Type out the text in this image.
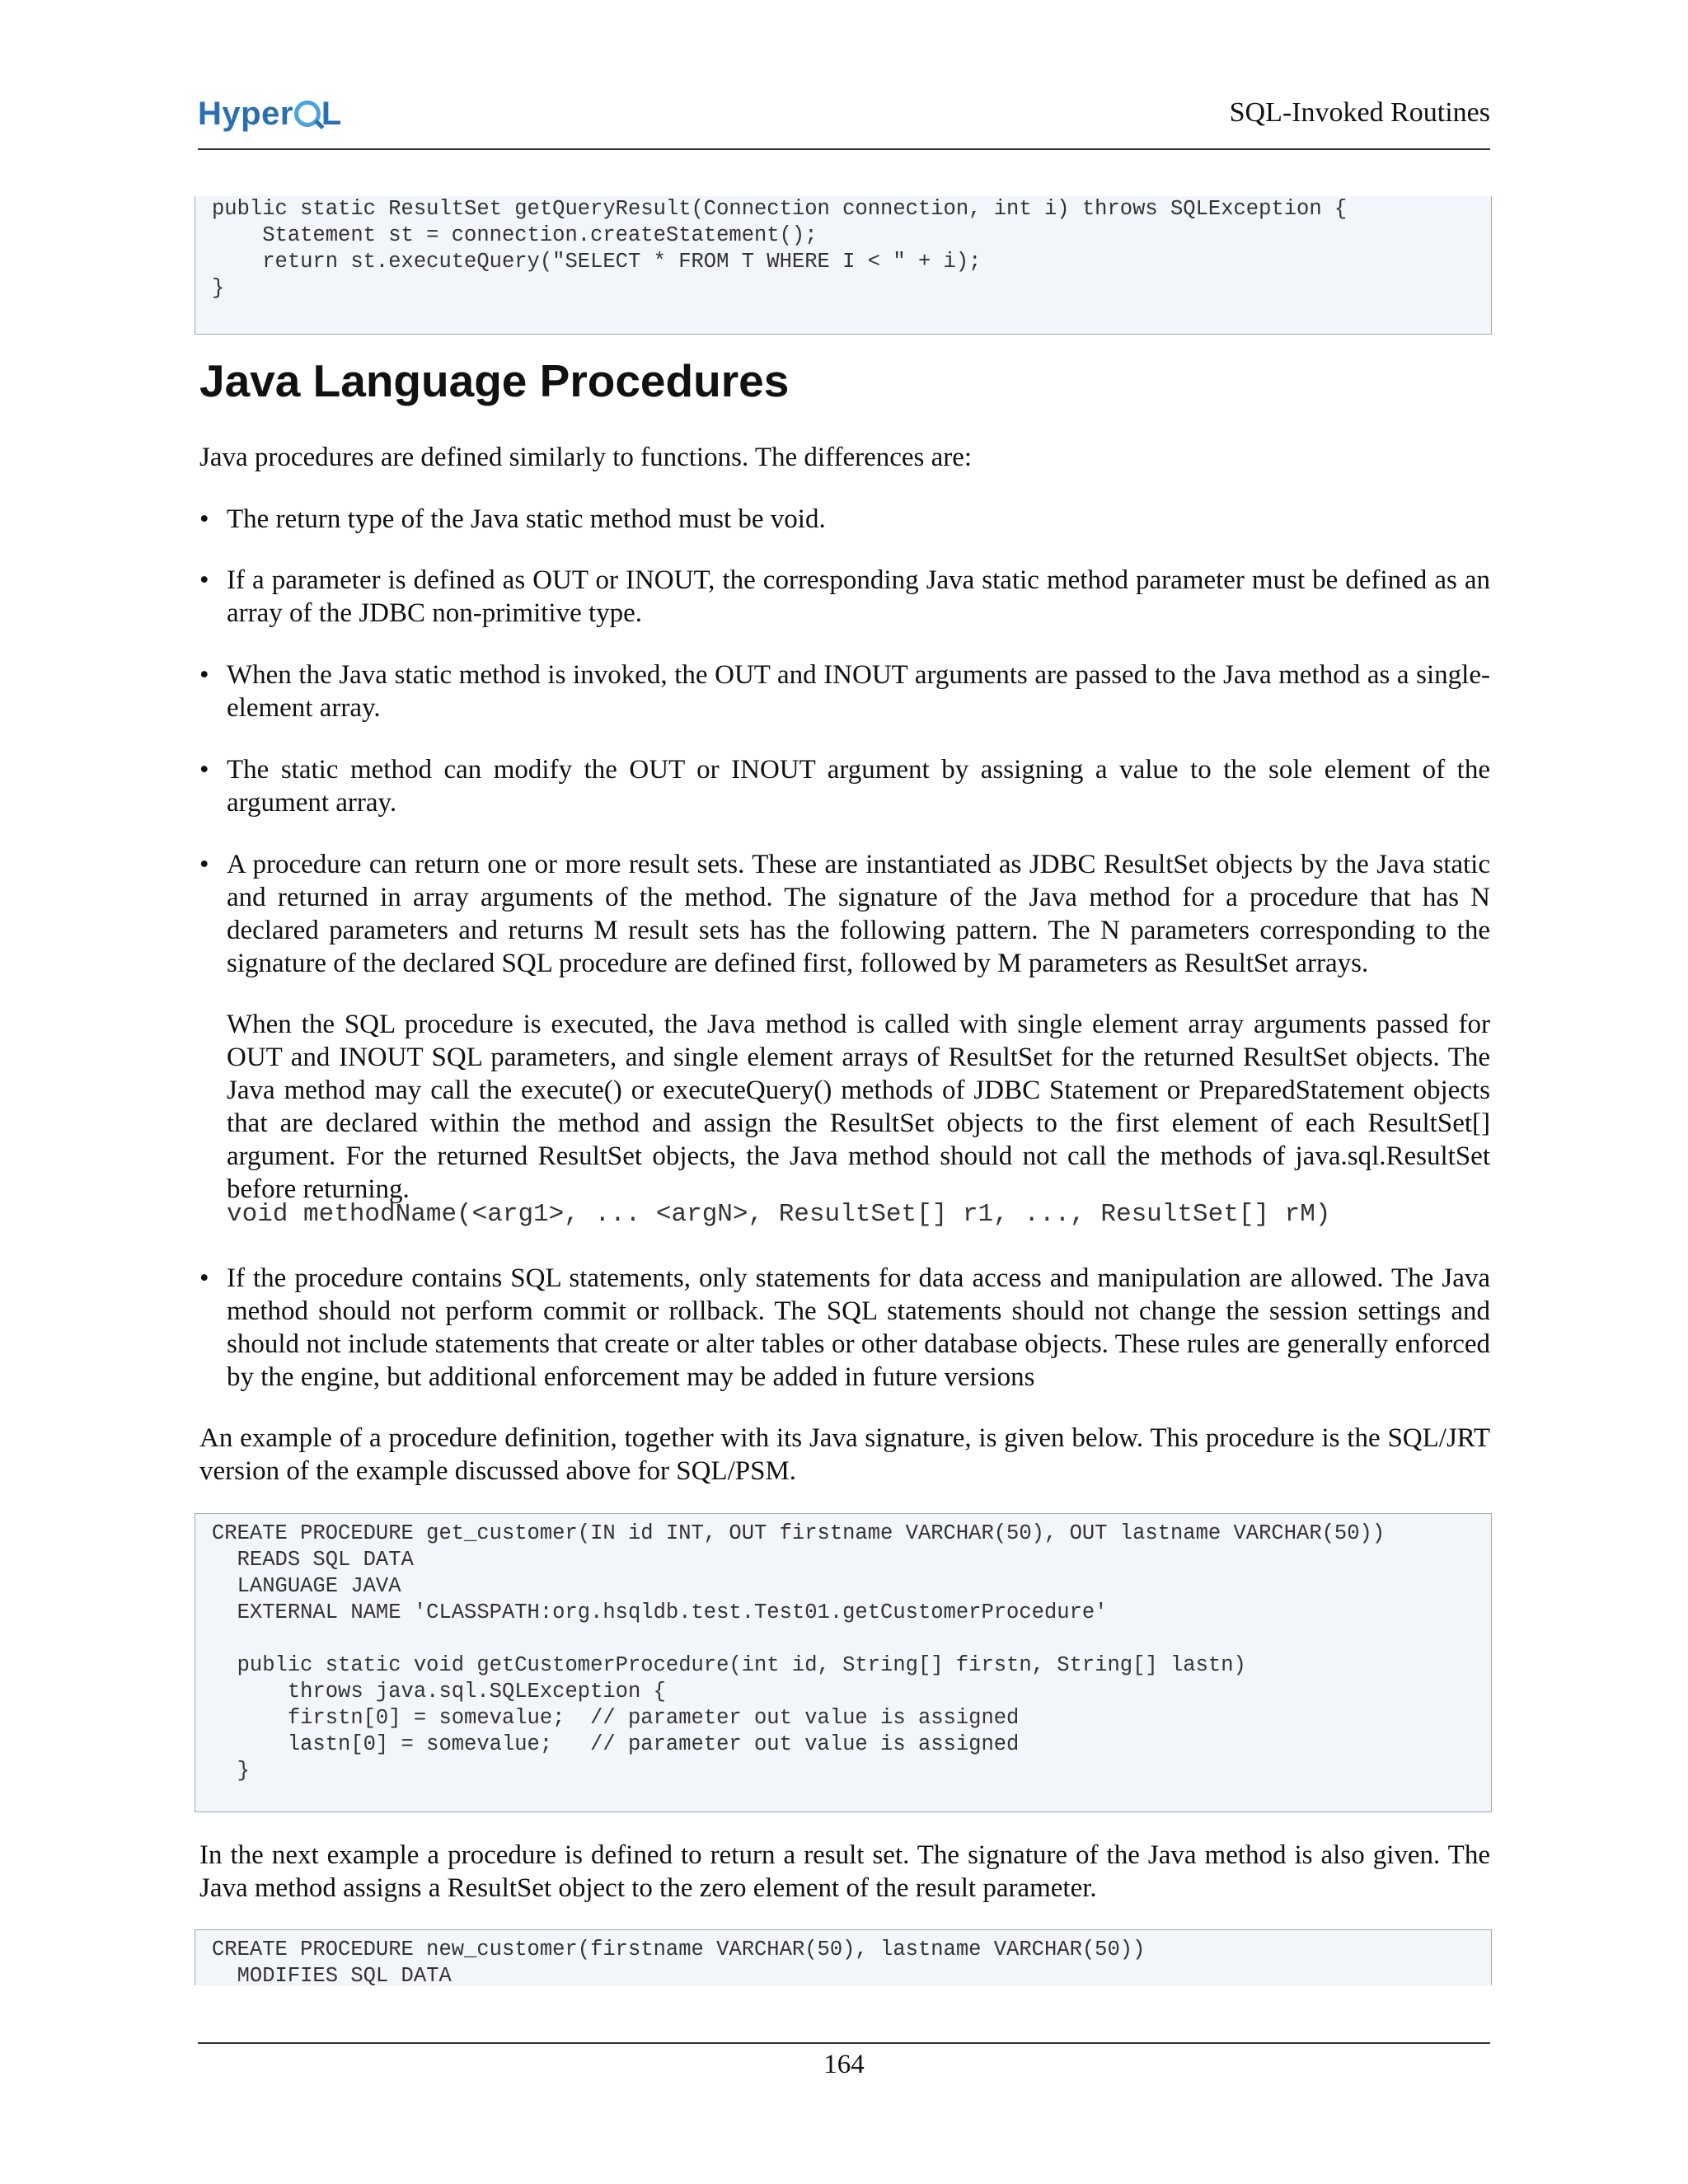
Hyper L	SQL-Invoked Routines
public static ResultSet getQueryResult(Connection connection, int i) throws SQLException {
Statement st = connection.createStatement();
return st.executeQuery("SELECT * FROM T WHERE I < " + i);
}
Java Language Procedures

Java procedures are defined similarly to functions. The differences are:

• The return type of the Java static method must be void.
• If a parameter is defined as OUT or INOUT, the corresponding Java static method parameter must be defined as an array of the JDBC non-primitive type.
• When the Java static method is invoked, the OUT and INOUT arguments are passed to the Java method as a single-element array.
• The static method can modify the OUT or INOUT argument by assigning a value to the sole element of the argument array.
• A procedure can return one or more result sets. These are instantiated as JDBC ResultSet objects by the Java static and returned in array arguments of the method. The signature of the Java method for a procedure that has N declared parameters and returns M result sets has the following pattern. The N parameters corresponding to the signature of the declared SQL procedure are defined first, followed by M parameters as ResultSet arrays.
When the SQL procedure is executed, the Java method is called with single element array arguments passed for OUT and INOUT SQL parameters, and single element arrays of ResultSet for the returned ResultSet objects. The Java method may call the execute() or executeQuery() methods of JDBC Statement or PreparedStatement objects that are declared within the method and assign the ResultSet objects to the first element of each ResultSet[] argument. For the returned ResultSet objects, the Java method should not call the methods of java.sql.ResultSet before returning.
void methodName(<arg1>, ... <argN>, ResultSet[] r1, ..., ResultSet[] rM)
• If the procedure contains SQL statements, only statements for data access and manipulation are allowed. The Java method should not perform commit or rollback. The SQL statements should not change the session settings and should not include statements that create or alter tables or other database objects. These rules are generally enforced by the engine, but additional enforcement may be added in future versions

An example of a procedure definition, together with its Java signature, is given below. This procedure is the SQL/JRT version of the example discussed above for SQL/PSM.

CREATE PROCEDURE get_customer(IN id INT, OUT firstname VARCHAR(50), OUT lastname VARCHAR(50))
READS SQL DATA
LANGUAGE JAVA
EXTERNAL NAME 'CLASSPATH:org.hsqldb.test.Test01.getCustomerProcedure'

public static void getCustomerProcedure(int id, String[] firstn, String[] lastn)
throws java.sql.SQLException {
firstn[0] = somevalue;  // parameter out value is assigned
lastn[0] = somevalue;   // parameter out value is assigned
}

In the next example a procedure is defined to return a result set. The signature of the Java method is also given. The Java method assigns a ResultSet object to the zero element of the result parameter.

CREATE PROCEDURE new_customer(firstname VARCHAR(50), lastname VARCHAR(50))
MODIFIES SQL DATA
164
